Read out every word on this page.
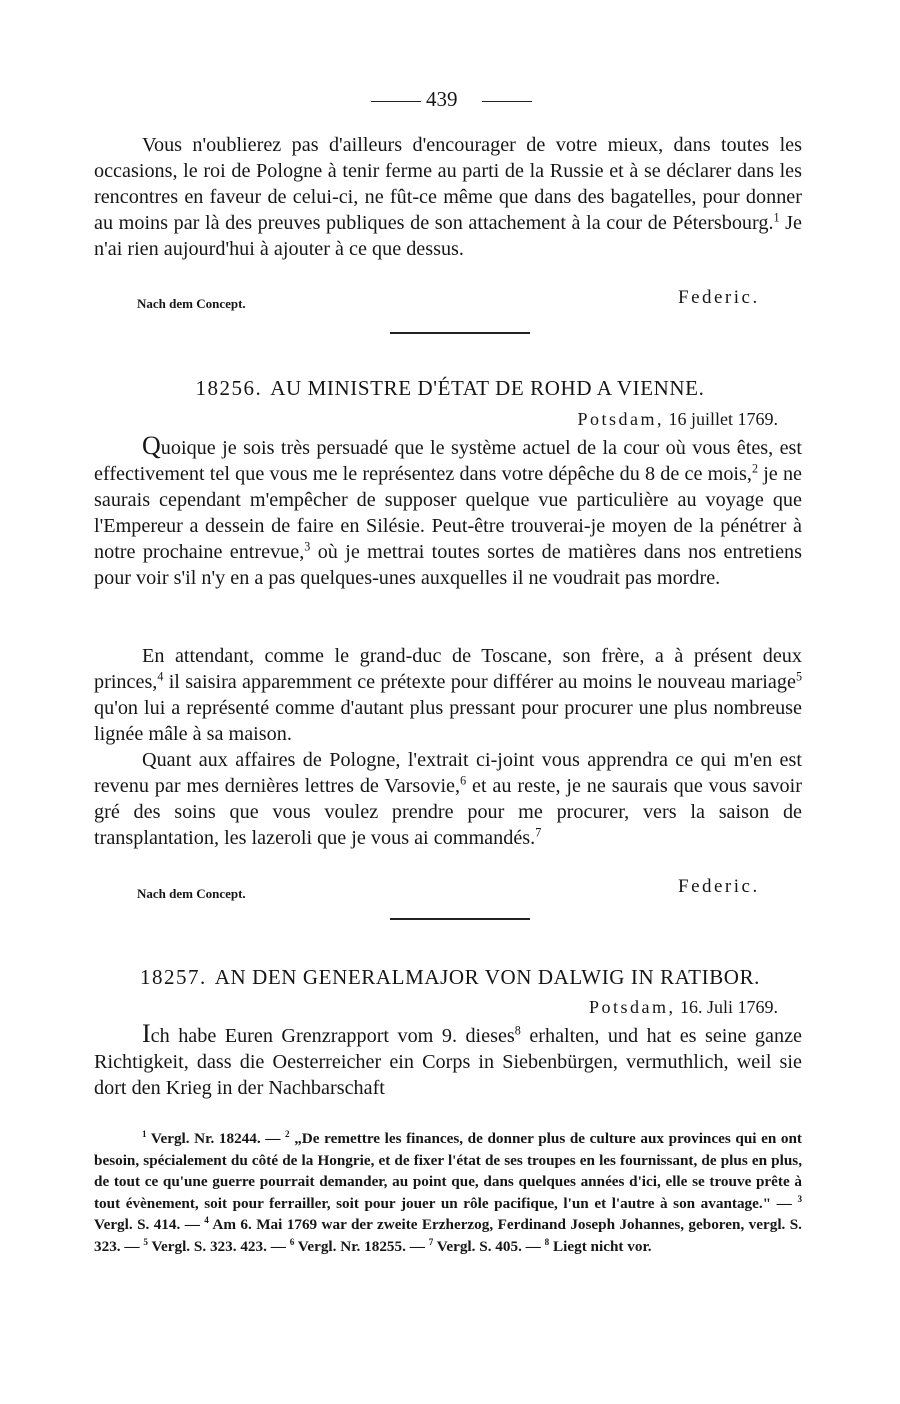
439

Vous n'oublierez pas d'ailleurs d'encourager de votre mieux, dans toutes les occasions, le roi de Pologne à tenir ferme au parti de la Russie et à se déclarer dans les rencontres en faveur de celui-ci, ne fût-ce même que dans des bagatelles, pour donner au moins par là des preuves publiques de son attachement à la cour de Pétersbourg.$^1$ Je n'ai rien aujourd'hui à ajouter à ce que dessus.

Nach dem Concept.	Federic.
18256. AU MINISTRE D'ÉTAT DE ROHD A VIENNE.
Potsdam, 16 juillet 1769.

Quoique je sois très persuadé que le système actuel de la cour où vous êtes, est effectivement tel que vous me le représentez dans votre dépêche du 8 de ce mois,$^2$ je ne saurais cependant m'empêcher de supposer quelque vue particulière au voyage que l'Empereur a dessein de faire en Silésie. Peut-être trouverai-je moyen de la pénétrer à notre prochaine entrevue,$^3$ où je mettrai toutes sortes de matières dans nos entretiens pour voir s'il n'y en a pas quelques-unes auxquelles il ne voudrait pas mordre.

En attendant, comme le grand-duc de Toscane, son frère, a à présent deux princes,$^4$ il saisira apparemment ce prétexte pour différer au moins le nouveau mariage$^5$ qu'on lui a représenté comme d'autant plus pressant pour procurer une plus nombreuse lignée mâle à sa maison.

Quant aux affaires de Pologne, l'extrait ci-joint vous apprendra ce qui m'en est revenu par mes dernières lettres de Varsovie,$^6$ et au reste, je ne saurais que vous savoir gré des soins que vous voulez prendre pour me procurer, vers la saison de transplantation, les lazeroli que je vous ai commandés.$^7$

Nach dem Concept.	Federic.
18257. AN DEN GENERALMAJOR VON DALWIG IN RATIBOR.
Potsdam, 16. Juli 1769.

Ich habe Euren Grenzrapport vom 9. dieses$^8$ erhalten, und hat es seine ganze Richtigkeit, dass die Oesterreicher ein Corps in Siebenbürgen, vermuthlich, weil sie dort den Krieg in der Nachbarschaft

$^1$ Vergl. Nr. 18244. — $^2$ „De remettre les finances, de donner plus de culture aux provinces qui en ont besoin, spécialement du côté de la Hongrie, et de fixer l'état de ses troupes en les fournissant, de plus en plus, de tout ce qu'une guerre pourrait demander, au point que, dans quelques années d'ici, elle se trouve prête à tout évènement, soit pour ferrailler, soit pour jouer un rôle pacifique, l'un et l'autre à son avantage." — $^3$ Vergl. S. 414. — $^4$ Am 6. Mai 1769 war der zweite Erzherzog, Ferdinand Joseph Johannes, geboren, vergl. S. 323. — $^5$ Vergl. S. 323. 423. — $^6$ Vergl. Nr. 18255. — $^7$ Vergl. S. 405. — $^8$ Liegt nicht vor.
